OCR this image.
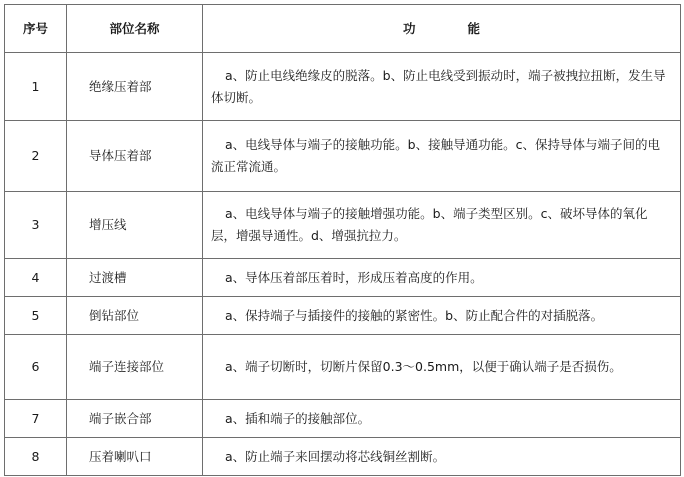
序号	部位名称	功 能
1	绝缘压着部	a、防止电线绝缘皮的脱落。b、防止电线受到振动时，端子被拽拉扭断，发生导体切断。
2	导体压着部	a、电线导体与端子的接触功能。b、接触导通功能。c、保持导体与端子间的电流正常流通。
3	增压线	a、电线导体与端子的接触增强功能。b、端子类型区别。c、破坏导体的氧化层，增强导通性。d、增强抗拉力。
4	过渡槽	a、导体压着部压着时，形成压着高度的作用。
5	倒钻部位	a、保持端子与插接件的接触的紧密性。b、防止配合件的对插脱落。
6	端子连接部位	a、端子切断时，切断片保留0.3～0.5mm，以便于确认端子是否损伤。
7	端子嵌合部	a、插和端子的接触部位。
8	压着喇叭口	a、防止端子来回摆动将芯线铜丝割断。
